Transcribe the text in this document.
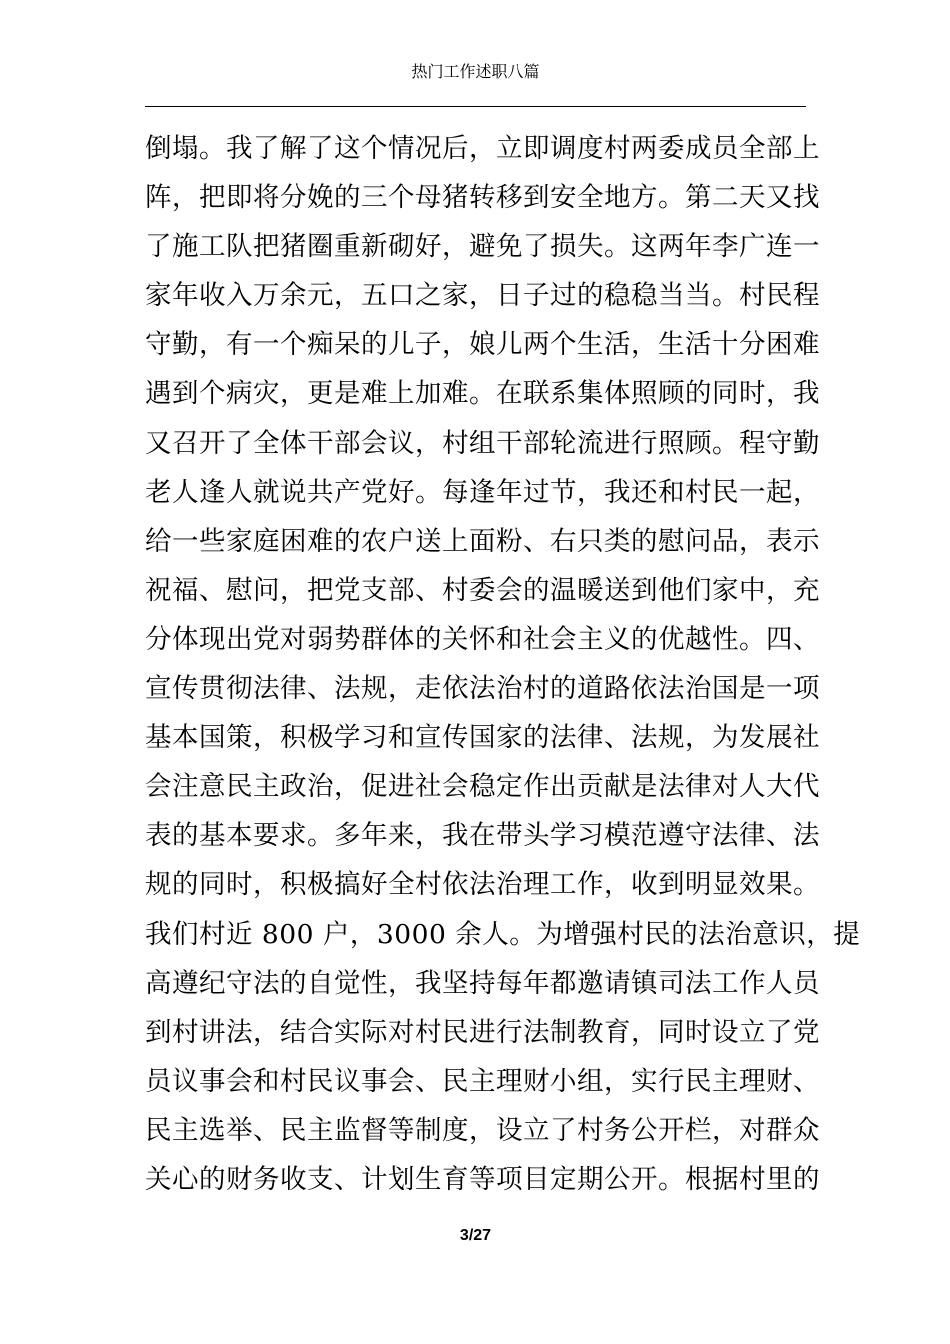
热门工作述职八篇
倒塌。我了解了这个情况后，立即调度村两委成员全部上
阵，把即将分娩的三个母猪转移到安全地方。第二天又找
了施工队把猪圈重新砌好，避免了损失。这两年李广连一
家年收入万余元，五口之家，日子过的稳稳当当。村民程
守勤，有一个痴呆的儿子，娘儿两个生活，生活十分困难
遇到个病灾，更是难上加难。在联系集体照顾的同时，我
又召开了全体干部会议，村组干部轮流进行照顾。程守勤
老人逢人就说共产党好。每逢年过节，我还和村民一起，
给一些家庭困难的农户送上面粉、右只类的慰问品，表示
祝福、慰问，把党支部、村委会的温暖送到他们家中，充
分体现出党对弱势群体的关怀和社会主义的优越性。四、
宣传贯彻法律、法规，走依法治村的道路依法治国是一项
基本国策，积极学习和宣传国家的法律、法规，为发展社
会注意民主政治，促进社会稳定作出贡献是法律对人大代
表的基本要求。多年来，我在带头学习模范遵守法律、法
规的同时，积极搞好全村依法治理工作，收到明显效果。
我们村近 800 户，3000 余人。为增强村民的法治意识，提
高遵纪守法的自觉性，我坚持每年都邀请镇司法工作人员
到村讲法，结合实际对村民进行法制教育，同时设立了党
员议事会和村民议事会、民主理财小组，实行民主理财、
民主选举、民主监督等制度，设立了村务公开栏，对群众
关心的财务收支、计划生育等项目定期公开。根据村里的
3/27
